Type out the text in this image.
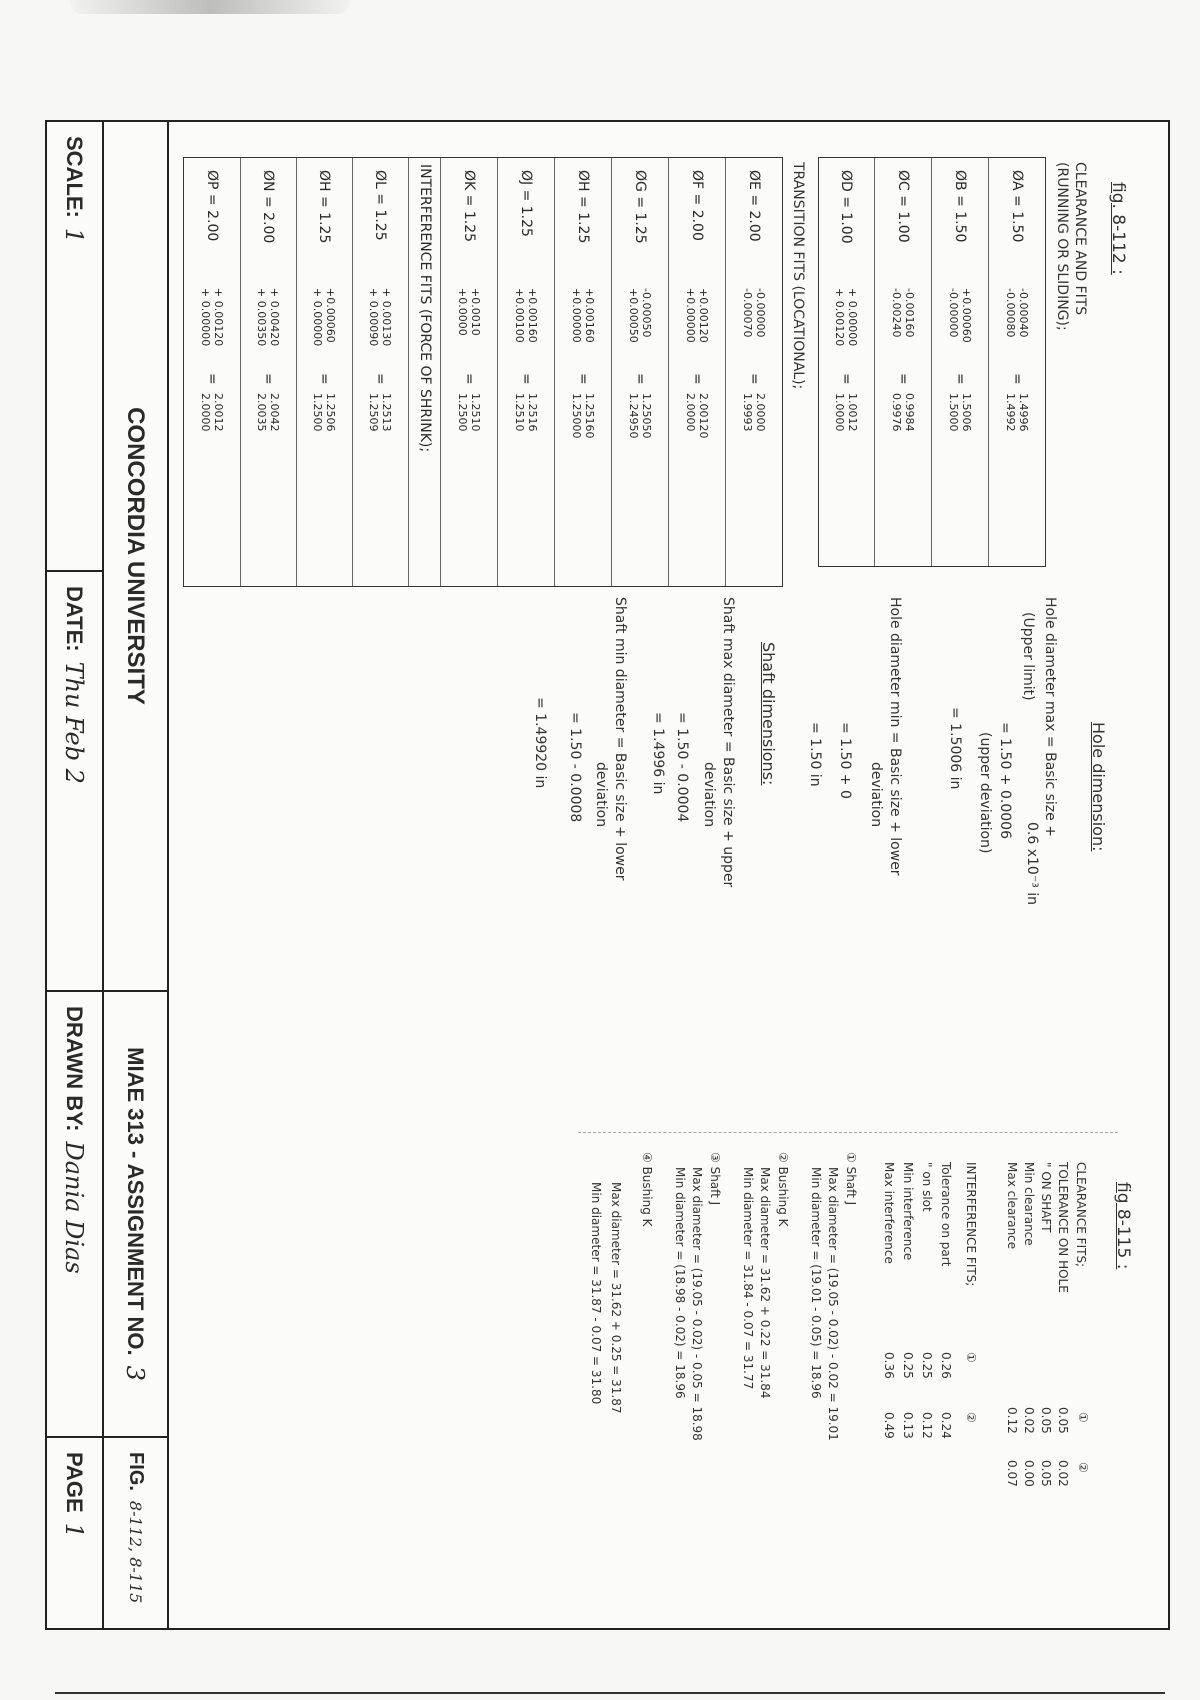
fig. 8-112 :
CLEARANCE AND FITS
(RUNNING OR SLIDING);
ØA = 1.50
-0.00040
-0.00080
=
1.4996
1.4992
ØB = 1.50
+0.00060
-0.00000
=
1.5006
1.5000
ØC = 1.00
-0.00160
-0.00240
=
0.9984
0.9976
ØD = 1.00
+ 0.00000
+ 0.00120
=
1.0012
1.0000
TRANSITION FITS (LOCATIONAL);
ØE = 2.00
-0.00000
-0.00070
=
2.0000
1.9993
ØF = 2.00
+0.00120
+0.00000
=
2.00120
2.0000
ØG = 1.25
-0.00050
+0.00050
=
1.25050
1.24950
ØH = 1.25
+0.00160
+0.00000
=
1.25160
1.25000
ØJ = 1.25
+0.00160
+0.00100
=
1.2516
1.2510
ØK = 1.25
+0.0010
+0.0000
=
1.2510
1.2500
INTERFERENCE FITS (FORCE OF SHRINK);
ØL = 1.25
+ 0.00130
+ 0.00090
=
1.2513
1.2509
ØH = 1.25
+0.00060
+ 0.00000
=
1.2506
1.2500
ØN = 2.00
+ 0.00420
+ 0.00350
=
2.0042
2.0035
ØP = 2.00
+ 0.00120
+ 0.00000
=
2.0012
2.0000
Hole dimension:
Hole diameter max = Basic size +
0.6 x10⁻³ in
(Upper limit)
= 1.50 + 0.0006
(upper deviation)
= 1.5006 in
Hole diameter min = Basic size + lower
deviation
= 1.50 + 0
= 1.50 in
Shaft dimensions:
Shaft max diameter = Basic size + upper
deviation
= 1.50 - 0.0004
= 1.4996 in
Shaft min diameter = Basic size + lower
deviation
= 1.50 - 0.0008
= 1.49920 in
fig 8-115 :
①
②
CLEARANCE FITS;
TOLERANCE ON HOLE
0.05
0.02
" ON SHAFT
0.05
0.05
Min clearance
0.02
0.00
Max clearance
0.12
0.07
INTERFERENCE FITS;
①
②
Tolerance on part
0.26
0.24
" on slot
0.25
0.12
Min interference
0.25
0.13
Max interference
0.36
0.49
① Shaft J
Max diameter = (19.05 - 0.02) - 0.02 = 19.01
Min diameter = (19.01 - 0.05) = 18.96
② Bushing K
Max diameter = 31.62 + 0.22 = 31.84
Min diameter = 31.84 - 0.07 = 31.77
③ Shaft J
Max diameter = (19.05 - 0.02) - 0.05 = 18.98
Min diameter = (18.98 - 0.02) = 18.96
④ Bushing K
Max diameter = 31.62 + 0.25 = 31.87
Min diameter = 31.87 - 0.07 = 31.80
CONCORDIA UNIVERSITY
MIAE 313 - ASSIGNMENT NO.
3
FIG.
8-112, 8-115
SCALE:
1
DATE:
Thu Feb 2
DRAWN BY:
Dania Dias
PAGE
1
